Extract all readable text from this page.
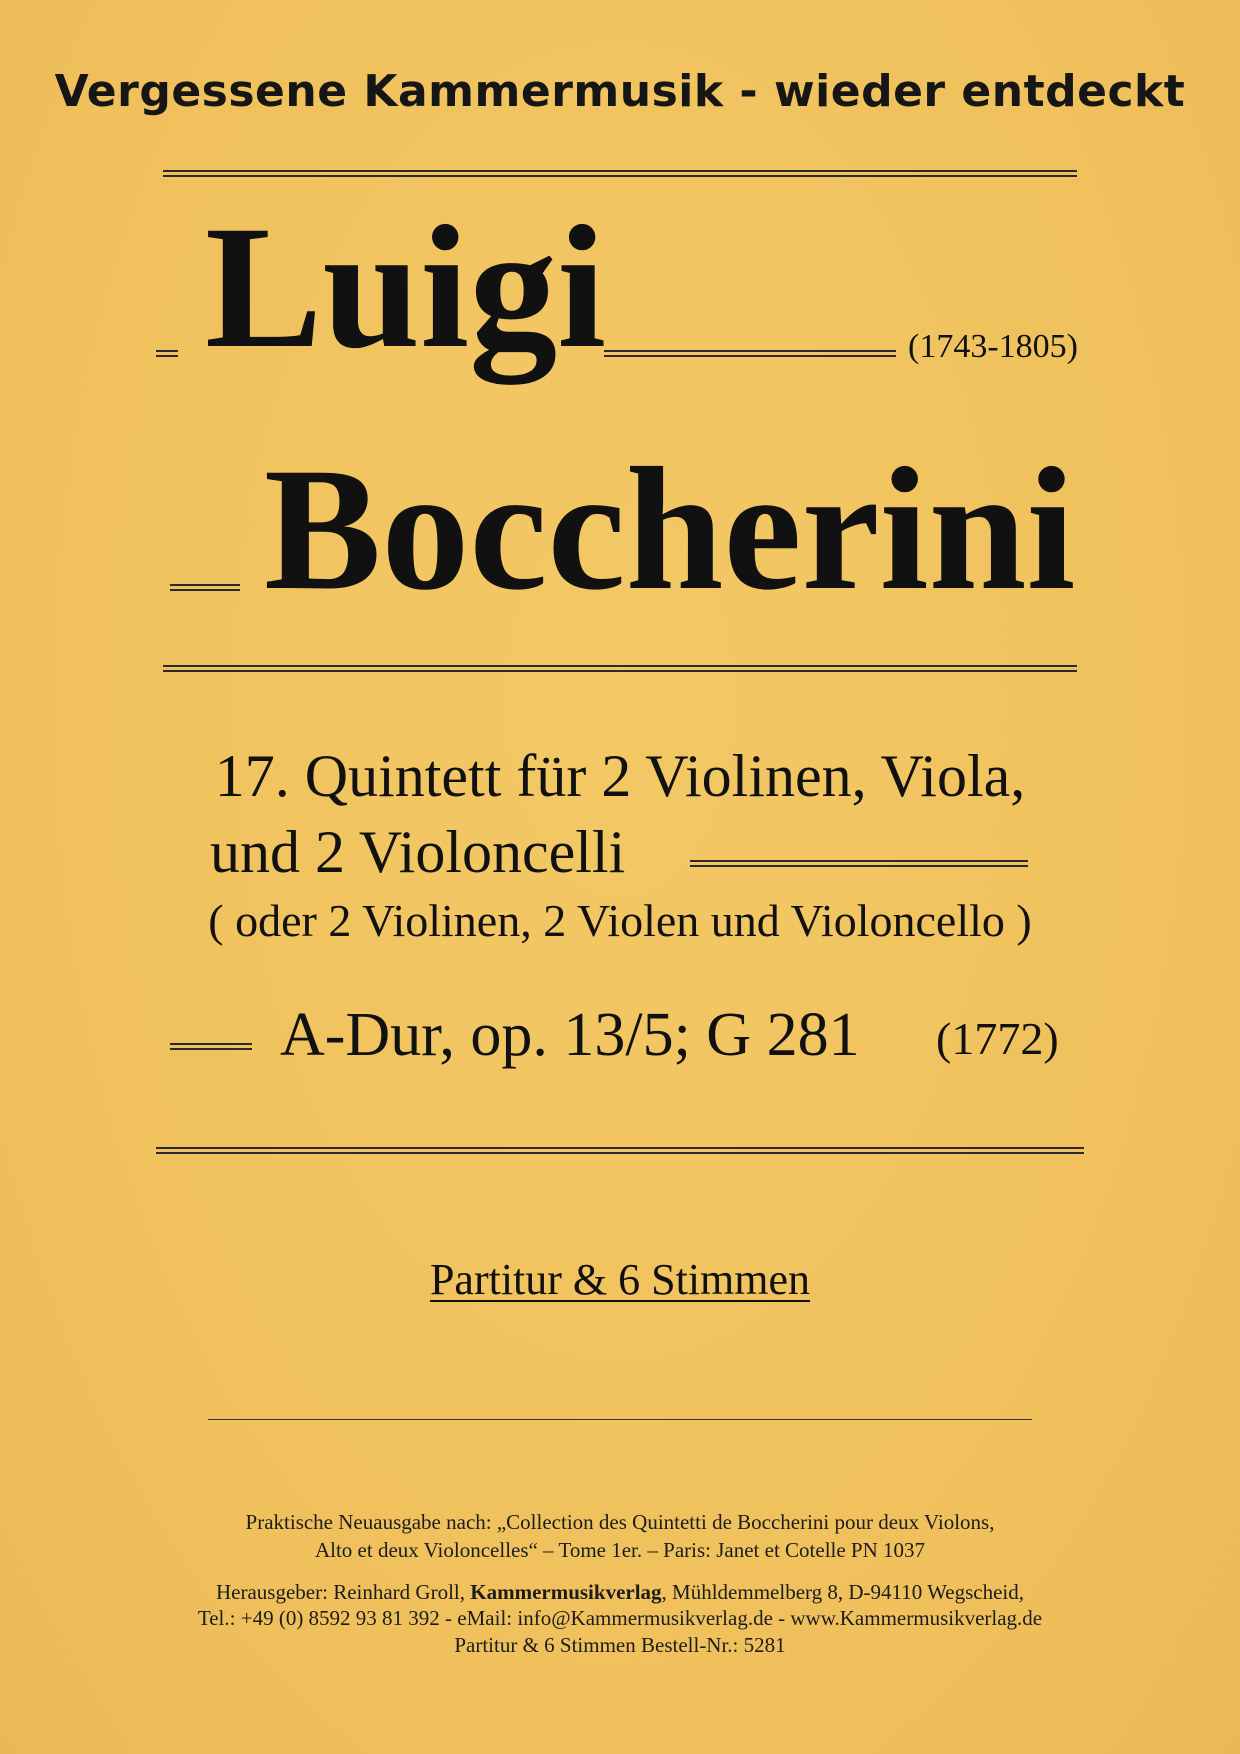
Vergessene Kammermusik - wieder entdeckt
Luigi	(1743-1805)
Boccherini
17. Quintett für 2 Violinen, Viola,
und 2 Violoncelli
( oder 2 Violinen, 2 Violen und Violoncello )
A-Dur, op. 13/5; G 281 (1772)
Partitur & 6 Stimmen
Praktische Neuausgabe nach: „Collection des Quintetti de Boccherini pour deux Violons,
Alto et deux Violoncelles“ – Tome 1er. – Paris: Janet et Cotelle PN 1037
Herausgeber: Reinhard Groll, Kammermusikverlag, Mühldemmelberg 8, D-94110 Wegscheid,
Tel.: +49 (0) 8592 93 81 392 - eMail: info@Kammermusikverlag.de - www.Kammermusikverlag.de
Partitur & 6 Stimmen Bestell-Nr.: 5281
